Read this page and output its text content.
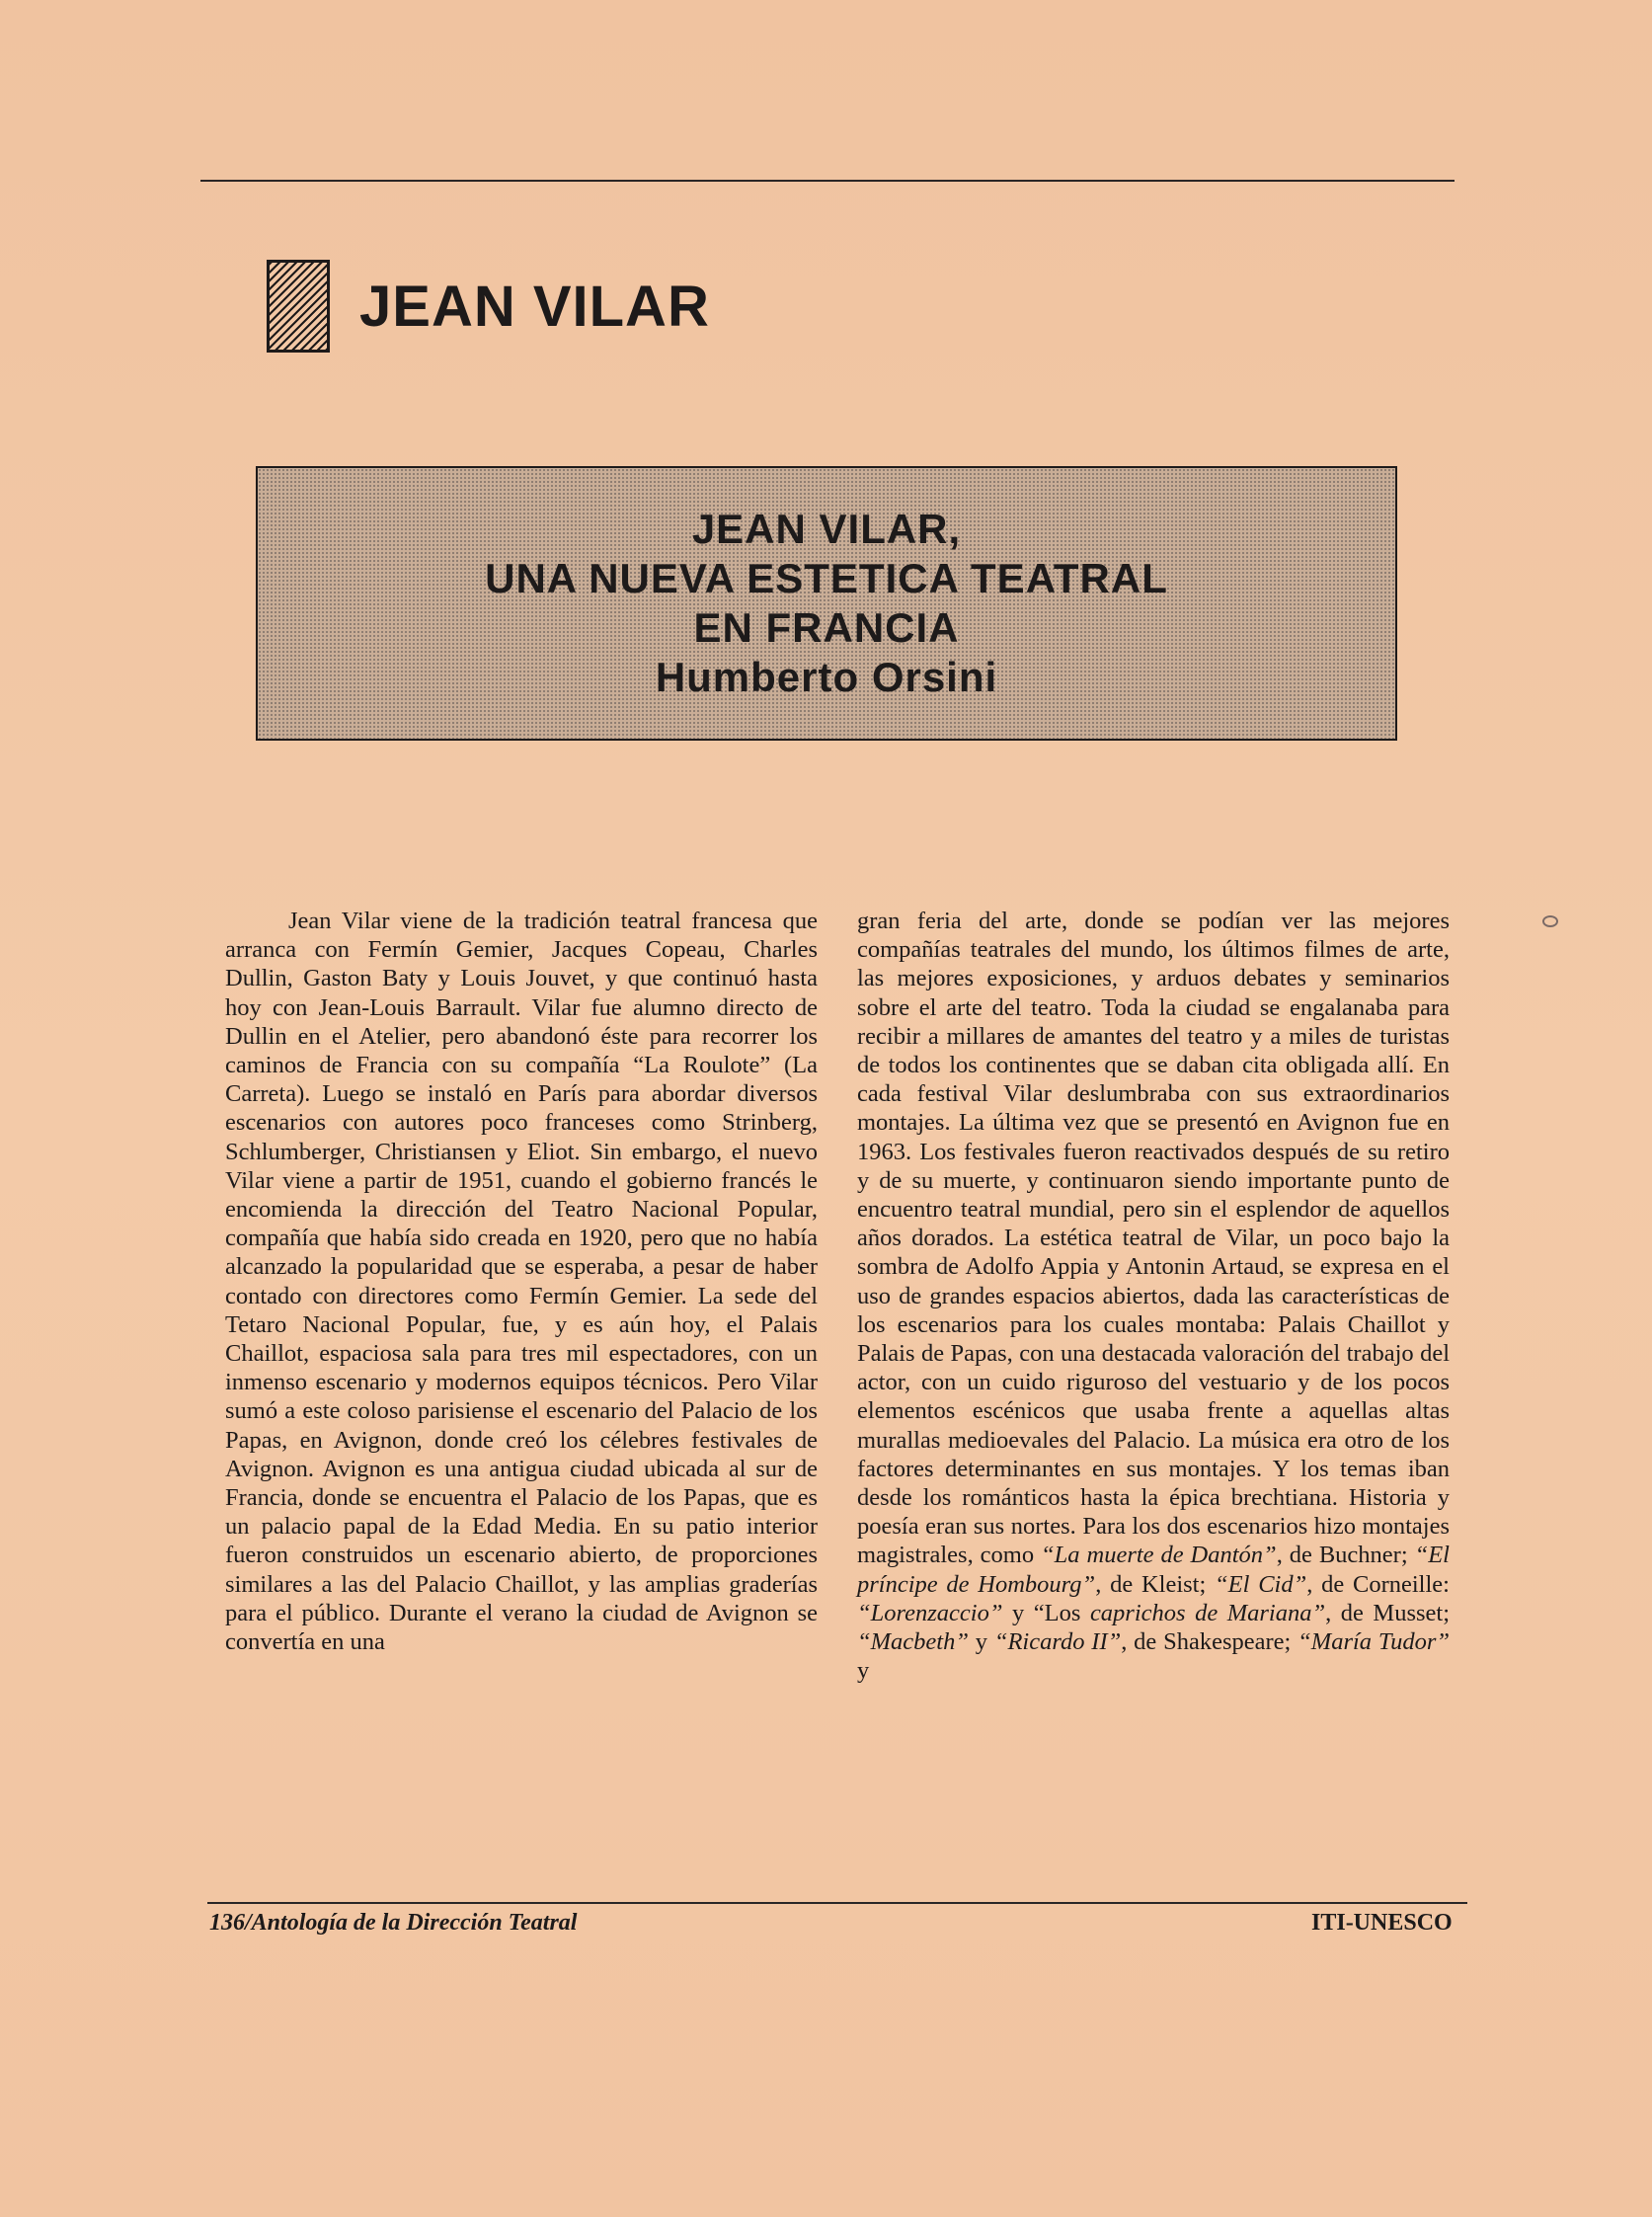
JEAN VILAR
JEAN VILAR,
UNA NUEVA ESTETICA TEATRAL
EN FRANCIA
Humberto Orsini
Jean Vilar viene de la tradición teatral francesa que arranca con Fermín Gemier, Jacques Copeau, Charles Dullin, Gaston Baty y Louis Jouvet, y que continuó hasta hoy con Jean-Louis Barrault. Vilar fue alumno directo de Dullin en el Atelier, pero abandonó éste para recorrer los caminos de Francia con su compañía “La Roulote” (La Carreta). Luego se instaló en París para abordar diversos escenarios con autores poco franceses como Strinberg, Schlumberger, Christiansen y Eliot. Sin embargo, el nuevo Vilar viene a partir de 1951, cuando el gobierno francés le encomienda la dirección del Teatro Nacional Popular, compañía que había sido creada en 1920, pero que no había alcanzado la popularidad que se esperaba, a pesar de haber contado con directores como Fermín Gemier. La sede del Tetaro Nacional Popular, fue, y es aún hoy, el Palais Chaillot, espaciosa sala para tres mil espectadores, con un inmenso escenario y modernos equipos técnicos. Pero Vilar sumó a este coloso parisiense el escenario del Palacio de los Papas, en Avignon, donde creó los célebres festivales de Avignon. Avignon es una antigua ciudad ubicada al sur de Francia, donde se encuentra el Palacio de los Papas, que es un palacio papal de la Edad Media. En su patio interior fueron construidos un escenario abierto, de proporciones similares a las del Palacio Chaillot, y las amplias graderías para el público. Durante el verano la ciudad de Avignon se convertía en una
gran feria del arte, donde se podían ver las mejores compañías teatrales del mundo, los últimos filmes de arte, las mejores exposiciones, y arduos debates y seminarios sobre el arte del teatro. Toda la ciudad se engalanaba para recibir a millares de amantes del teatro y a miles de turistas de todos los continentes que se daban cita obligada allí. En cada festival Vilar deslumbraba con sus extraordinarios montajes. La última vez que se presentó en Avignon fue en 1963. Los festivales fueron reactivados después de su retiro y de su muerte, y continuaron siendo importante punto de encuentro teatral mundial, pero sin el esplendor de aquellos años dorados. La estética teatral de Vilar, un poco bajo la sombra de Adolfo Appia y Antonin Artaud, se expresa en el uso de grandes espacios abiertos, dada las características de los escenarios para los cuales montaba: Palais Chaillot y Palais de Papas, con una destacada valoración del trabajo del actor, con un cuido riguroso del vestuario y de los pocos elementos escénicos que usaba frente a aquellas altas murallas medioevales del Palacio. La música era otro de los factores determinantes en sus montajes. Y los temas iban desde los románticos hasta la épica brechtiana. Historia y poesía eran sus nortes. Para los dos escenarios hizo montajes magistrales, como “La muerte de Dantón”, de Buchner; “El príncipe de Hombourg”, de Kleist; “El Cid”, de Corneille: “Lorenzaccio” y “Los caprichos de Mariana”, de Musset; “Macbeth” y “Ricardo II”, de Shakespeare; “María Tudor” y
136/Antología de la Dirección Teatral	ITI-UNESCO
